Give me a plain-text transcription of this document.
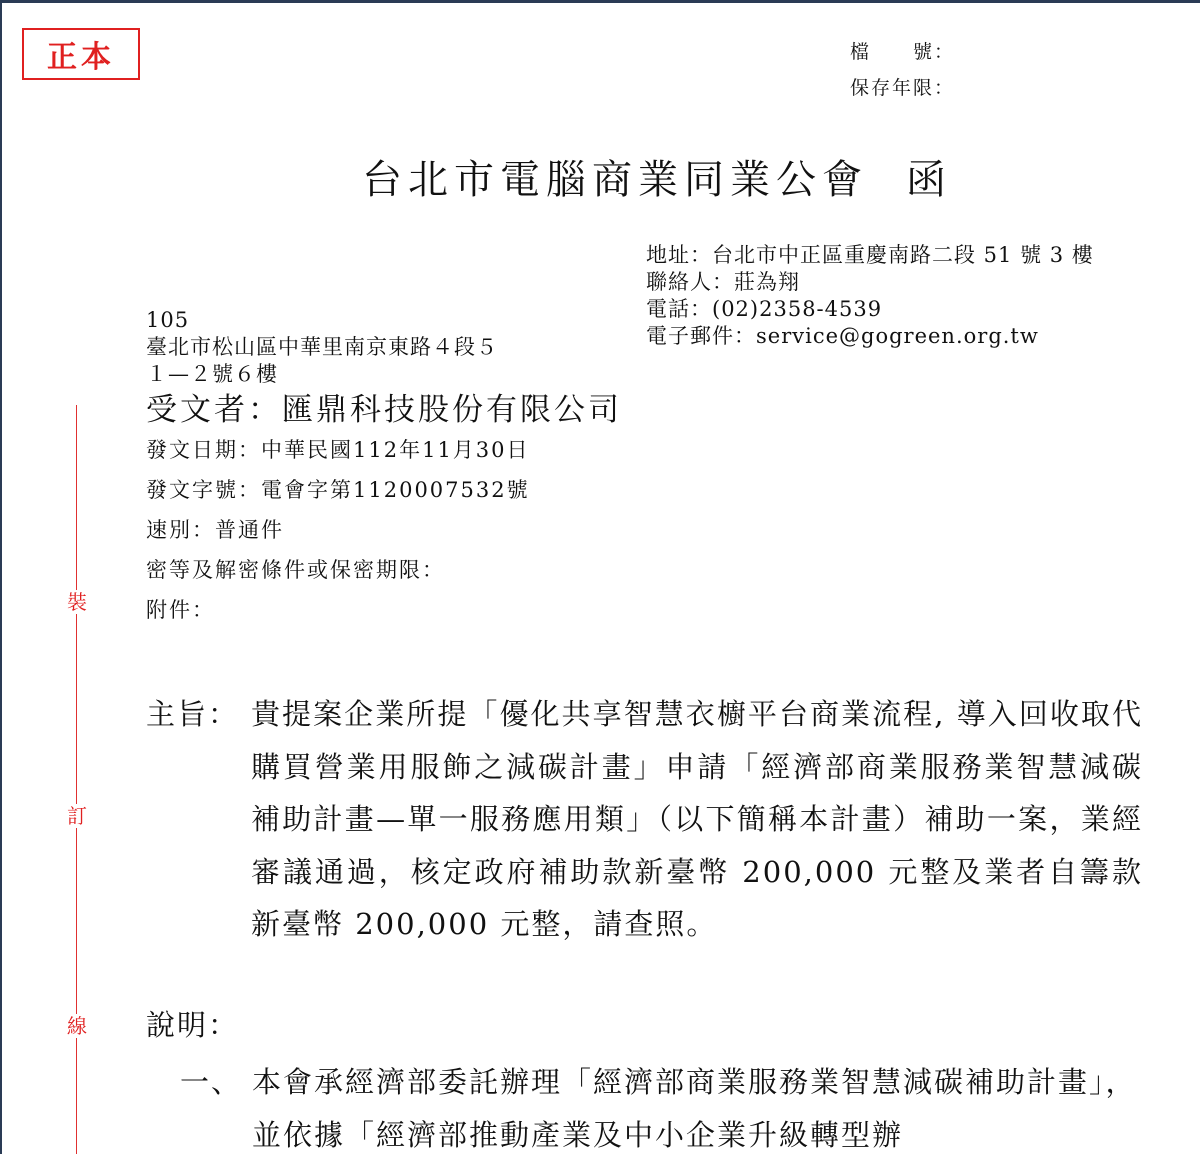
正本	檔　　號：
保存年限：
台北市電腦商業同業公會 函
地址：台北市中正區重慶南路二段 51 號 3 樓
聯絡人：莊為翔
電話：(02)2358-4539
電子郵件：service@gogreen.org.tw
105
臺北市松山區中華里南京東路４段５
１—２號６樓
受文者：匯鼎科技股份有限公司
發文日期：中華民國112年11月30日
發文字號：電會字第1120007532號
速別：普通件
密等及解密條件或保密期限：
附件：
裝
訂
線
主旨： 貴提案企業所提「優化共享智慧衣櫥平台商業流程, 導入回收取代購買營業用服飾之減碳計畫」申請「經濟部商業服務業智慧減碳補助計畫—單一服務應用類」（以下簡稱本計畫）補助一案，業經審議通過，核定政府補助款新臺幣 200,000 元整及業者自籌款新臺幣 200,000 元整，請查照。
說明：
一、 本會承經濟部委託辦理「經濟部商業服務業智慧減碳補助計畫」，並依據「經濟部推動產業及中小企業升級轉型辦
